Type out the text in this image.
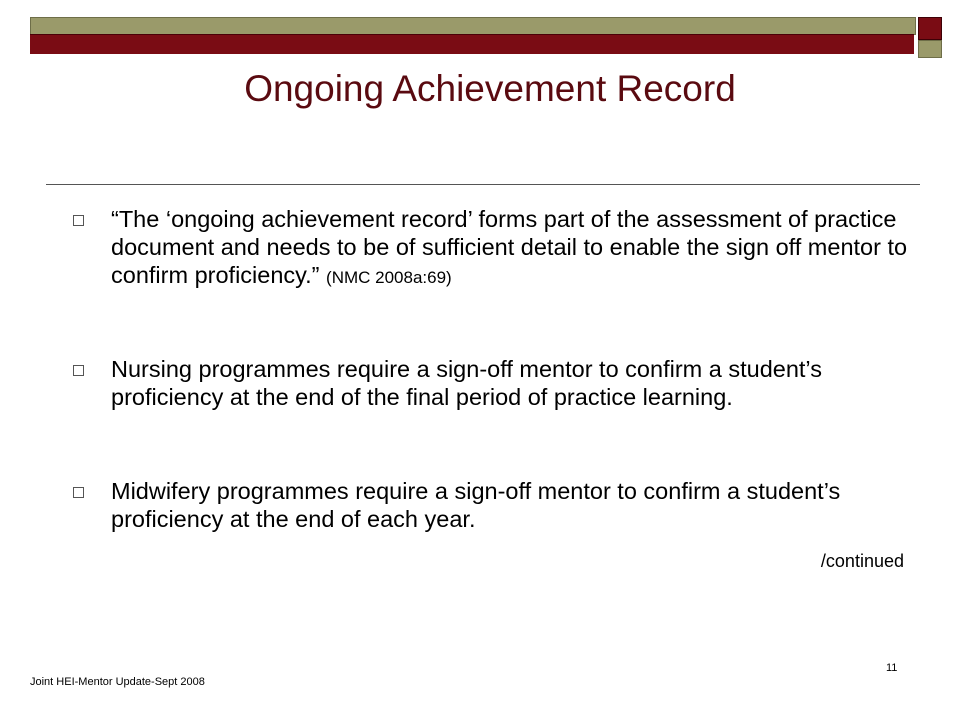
Ongoing Achievement Record
“The ‘ongoing achievement record’ forms part of the assessment of practice document and needs to be of sufficient detail to enable the sign off mentor to confirm proficiency.” (NMC 2008a:69)
Nursing programmes require a sign-off mentor to confirm a student’s proficiency at the end of the final period of practice learning.
Midwifery programmes require a sign-off mentor to confirm a student’s proficiency at the end of each year.
/continued
Joint HEI-Mentor Update-Sept 2008
11
